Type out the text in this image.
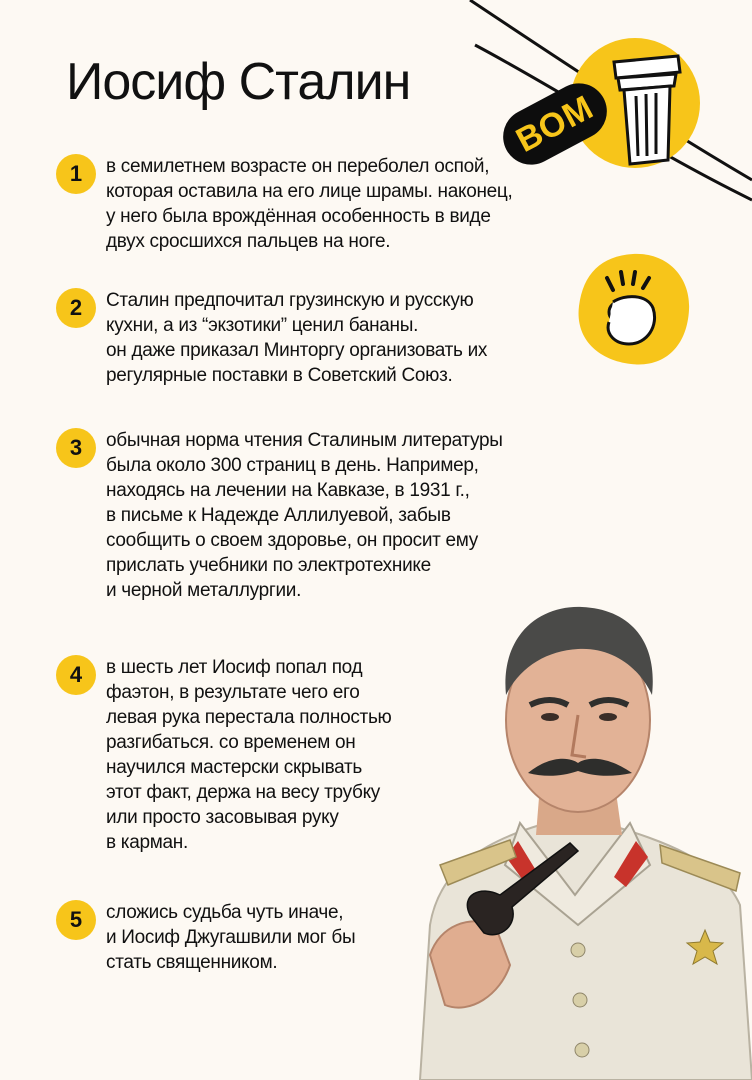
Иосиф Сталин
ВОМ
1	в семилетнем возрасте он переболел оспой,
которая оставила на его лице шрамы. наконец,
у него была врождённая особенность в виде
двух сросшихся пальцев на ноге.
2	Сталин предпочитал грузинскую и русскую
кухни, а из “экзотики” ценил бананы.
он даже приказал Минторгу организовать их
регулярные поставки в Советский Союз.
3	обычная норма чтения Сталиным литературы
была около 300 страниц в день. Например,
находясь на лечении на Кавказе, в 1931 г.,
в письме к Надежде Аллилуевой, забыв
сообщить о своем здоровье, он просит ему
прислать учебники по электротехнике
и черной металлургии.
4	в шесть лет Иосиф попал под
фаэтон, в результате чего его
левая рука перестала полностью
разгибаться. со временем он
научился мастерски скрывать
этот факт, держа на весу трубку
или просто засовывая руку
в карман.
5	сложись судьба чуть иначе,
и Иосиф Джугашвили мог бы
стать священником.
